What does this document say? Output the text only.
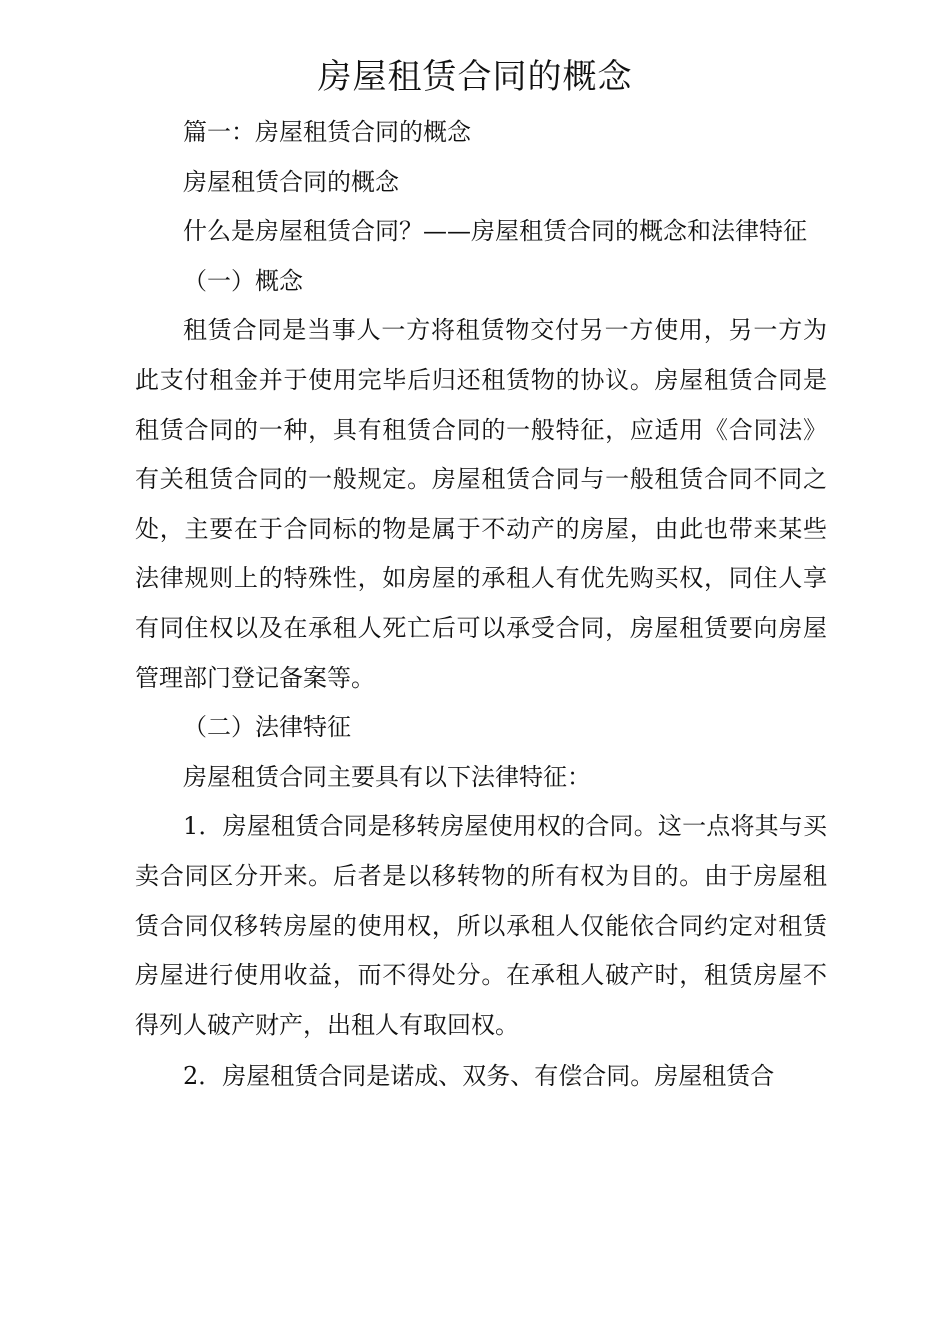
房屋租赁合同的概念

篇一：房屋租赁合同的概念

房屋租赁合同的概念

什么是房屋租赁合同？——房屋租赁合同的概念和法律特征

（一）概念

租赁合同是当事人一方将租赁物交付另一方使用，另一方为此支付租金并于使用完毕后归还租赁物的协议。房屋租赁合同是租赁合同的一种，具有租赁合同的一般特征，应适用《合同法》有关租赁合同的一般规定。房屋租赁合同与一般租赁合同不同之处，主要在于合同标的物是属于不动产的房屋，由此也带来某些法律规则上的特殊性，如房屋的承租人有优先购买权，同住人享有同住权以及在承租人死亡后可以承受合同，房屋租赁要向房屋管理部门登记备案等。

（二）法律特征

房屋租赁合同主要具有以下法律特征：

1．房屋租赁合同是移转房屋使用权的合同。这一点将其与买卖合同区分开来。后者是以移转物的所有权为目的。由于房屋租赁合同仅移转房屋的使用权，所以承租人仅能依合同约定对租赁房屋进行使用收益，而不得处分。在承租人破产时，租赁房屋不得列人破产财产，出租人有取回权。

2．房屋租赁合同是诺成、双务、有偿合同。房屋租赁合
